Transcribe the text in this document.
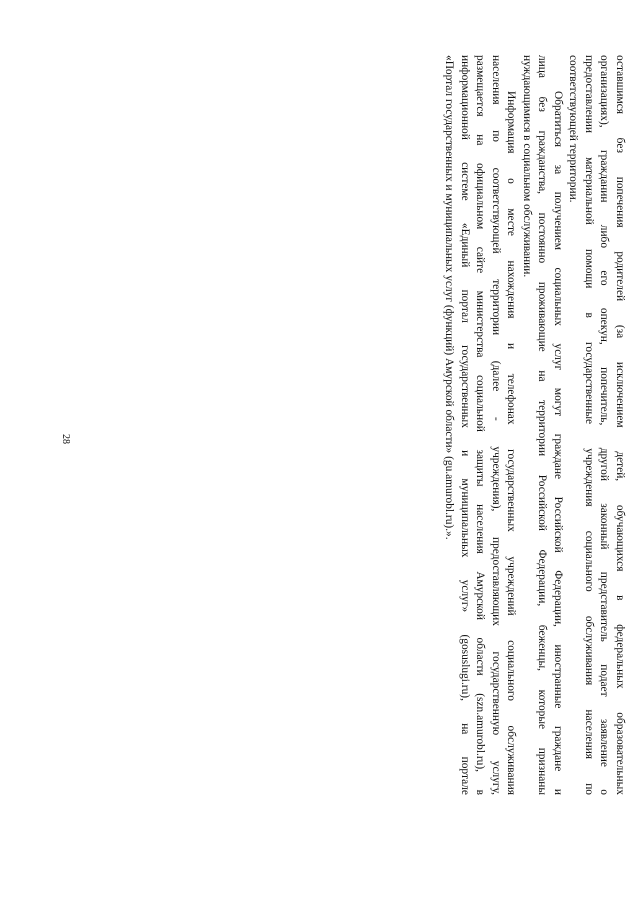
28	оставшимся без попечения родителей (за исключением детей, обучающихся в федеральных образовательных
организациях), гражданин либо его опекун, попечитель, другой законный представитель подает заявление о
предоставлении материальной помощи в государственные учреждения социального обслуживания населения по
соответствующей территории.
Обратиться за получением социальных услуг могут граждане Российской Федерации, иностранные граждане и
лица без гражданства, постоянно проживающие на территории Российской Федерации, беженцы, которые признаны
нуждающимися в социальном обслуживании.
Информация о месте нахождения и телефонах государственных учреждений социального обслуживания
населения по соответствующей территории (далее - учреждения), предоставляющих государственную услугу,
размещается на официальном сайте министерства социальной защиты населения Амурской области (szn.amurobl.ru), в
информационной системе «Единый портал государственных и муниципальных услуг» (gosuslugi.ru), на портале
«Портал государственных и муниципальных услуг (функций) Амурской области» (gu.amurobl.ru).».
